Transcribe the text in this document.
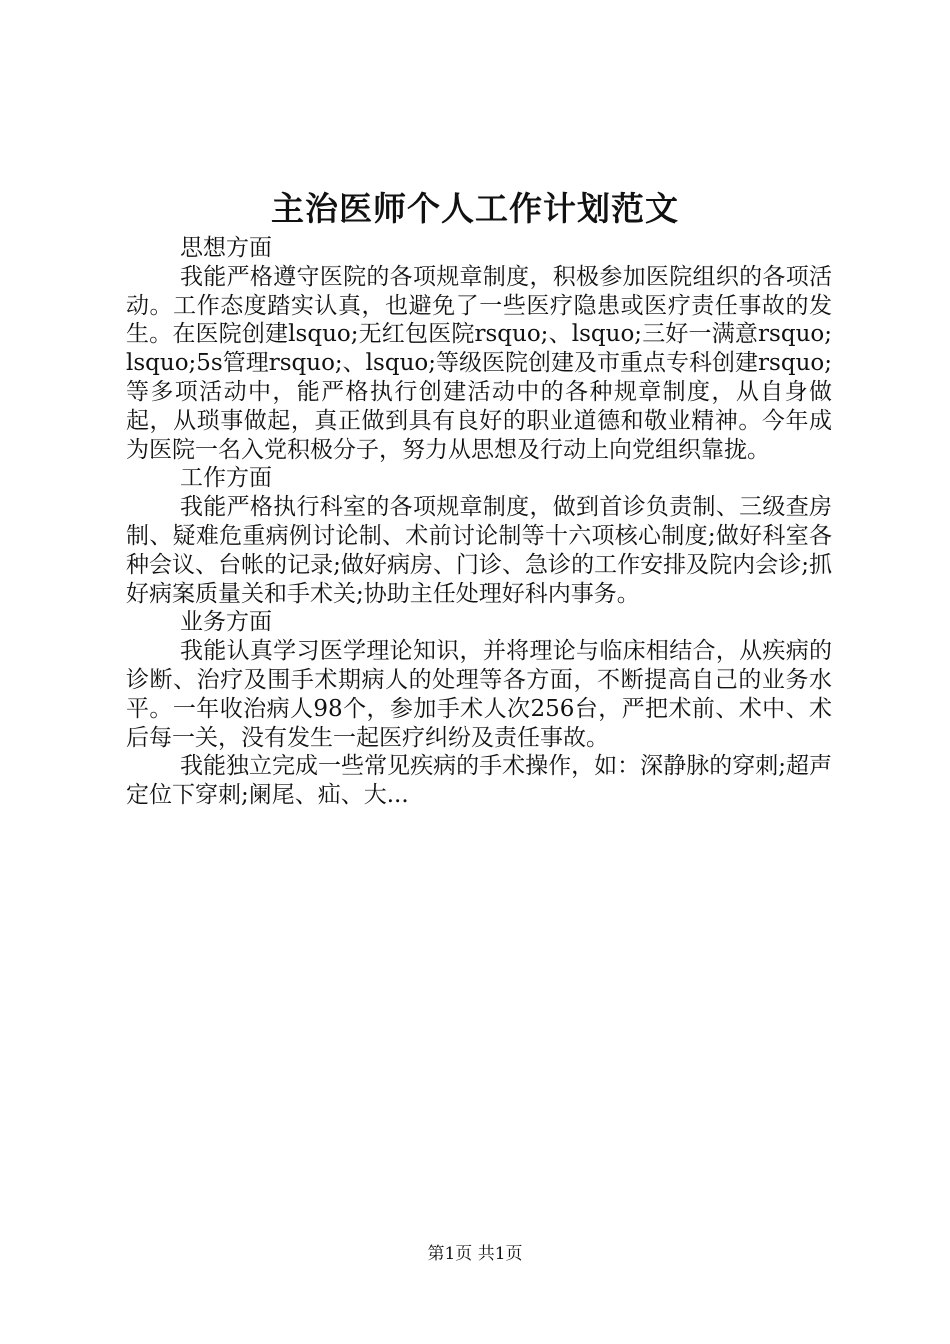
主治医师个人工作计划范文

思想方面

我能严格遵守医院的各项规章制度，积极参加医院组织的各项活动。工作态度踏实认真，也避免了一些医疗隐患或医疗责任事故的发生。在医院创建lsquo;无红包医院rsquo;、lsquo;三好一满意rsquo;lsquo;5s管理rsquo;、lsquo;等级医院创建及市重点专科创建rsquo;等多项活动中，能严格执行创建活动中的各种规章制度，从自身做起，从琐事做起，真正做到具有良好的职业道德和敬业精神。今年成为医院一名入党积极分子，努力从思想及行动上向党组织靠拢。

工作方面

我能严格执行科室的各项规章制度，做到首诊负责制、三级查房制、疑难危重病例讨论制、术前讨论制等十六项核心制度;做好科室各种会议、台帐的记录;做好病房、门诊、急诊的工作安排及院内会诊;抓好病案质量关和手术关;协助主任处理好科内事务。

业务方面

我能认真学习医学理论知识，并将理论与临床相结合，从疾病的诊断、治疗及围手术期病人的处理等各方面，不断提高自己的业务水平。一年收治病人98个，参加手术人次256台，严把术前、术中、术后每一关，没有发生一起医疗纠纷及责任事故。

我能独立完成一些常见疾病的手术操作，如：深静脉的穿刺;超声定位下穿刺;阑尾、疝、大...

第1页 共1页
